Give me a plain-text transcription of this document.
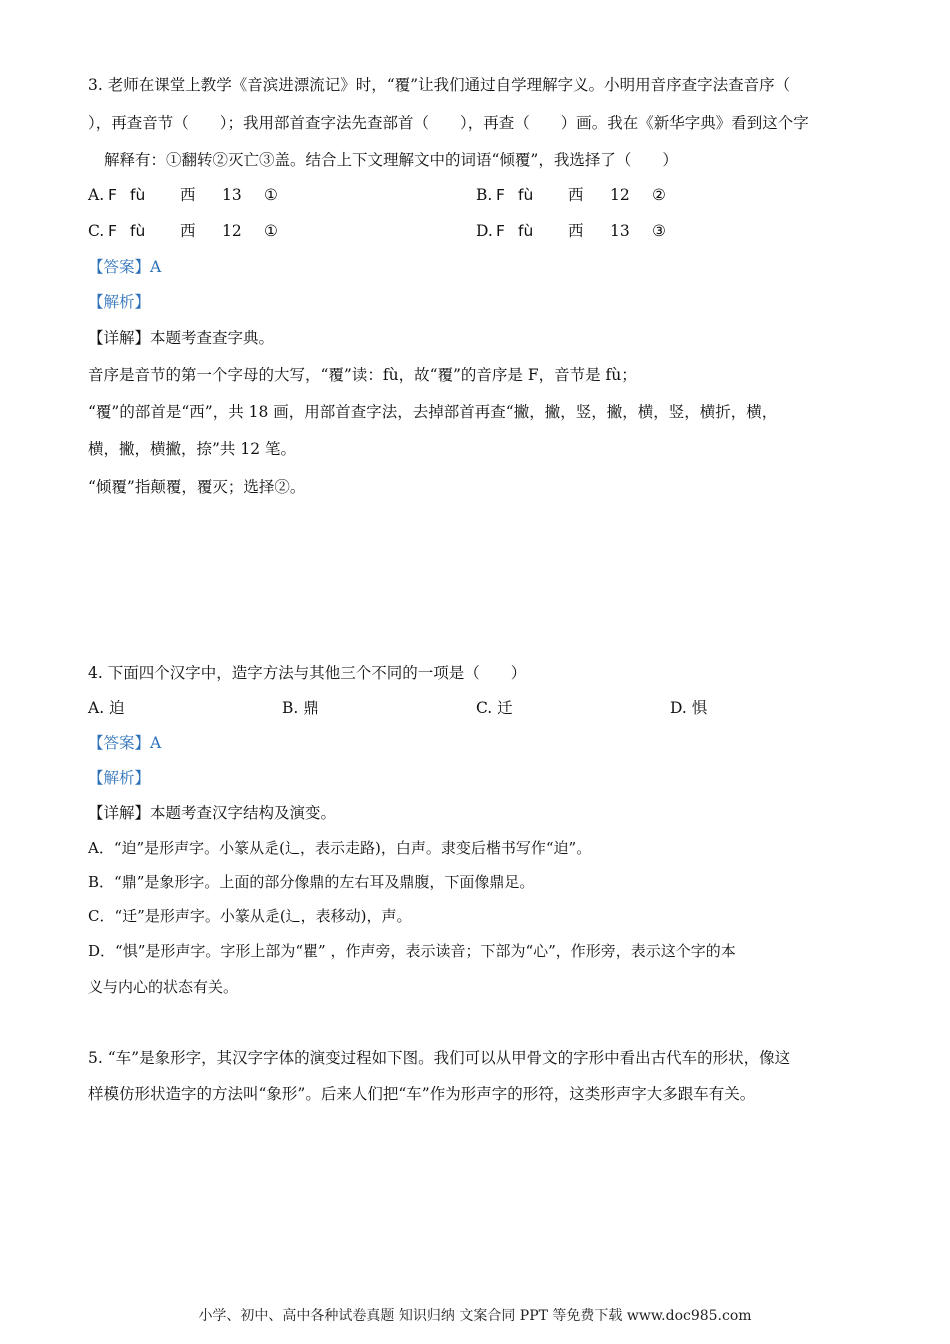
3. 老师在课堂上教学《音滨进漂流记》时，“覆”让我们通过自学理解字义。小明用音序查字法查音序（
），再查音节（　　）；我用部首查字法先查部首（　　），再查（　　）画。我在《新华字典》看到这个字
解释有：①翻转②灭亡③盖。结合上下文理解文中的词语“倾覆”，我选择了（　　）
A. F fù 西 13 ①	B. F fù 西 12 ②
C. F fù 西 12 ①	D. F fù 西 13 ③
【答案】A
【解析】
【详解】本题考查查字典。
音序是音节的第一个字母的大写，“覆”读：fù，故“覆”的音序是 F，音节是 fù；
“覆”的部首是“西”，共 18 画，用部首查字法，去掉部首再查“撇，撇，竖，撇，横，竖，横折，横，
横，撇，横撇，捺”共 12 笔。
“倾覆”指颠覆，覆灭；选择②。
4. 下面四个汉字中，造字方法与其他三个不同的一项是（　　）
A. 迫	B. 鼎	C. 迁	D. 惧
【答案】A
【解析】
【详解】本题考查汉字结构及演变。
A．“迫”是形声字。小篆从辵(辶，表示走路)，白声。隶变后楷书写作“迫”。
B．“鼎”是象形字。上面的部分像鼎的左右耳及鼎腹，下面像鼎足。
C．“迁”是形声字。小篆从辵(辶，表移动)，声。
D．“惧”是形声字。字形上部为“瞿” ，作声旁，表示读音；下部为“心”，作形旁，表示这个字的本
义与内心的状态有关。
5. “车”是象形字，其汉字字体的演变过程如下图。我们可以从甲骨文的字形中看出古代车的形状，像这
样模仿形状造字的方法叫“象形”。后来人们把“车”作为形声字的形符，这类形声字大多跟车有关。
小学、初中、高中各种试卷真题 知识归纳 文案合同 PPT 等免费下载 www.doc985.com
